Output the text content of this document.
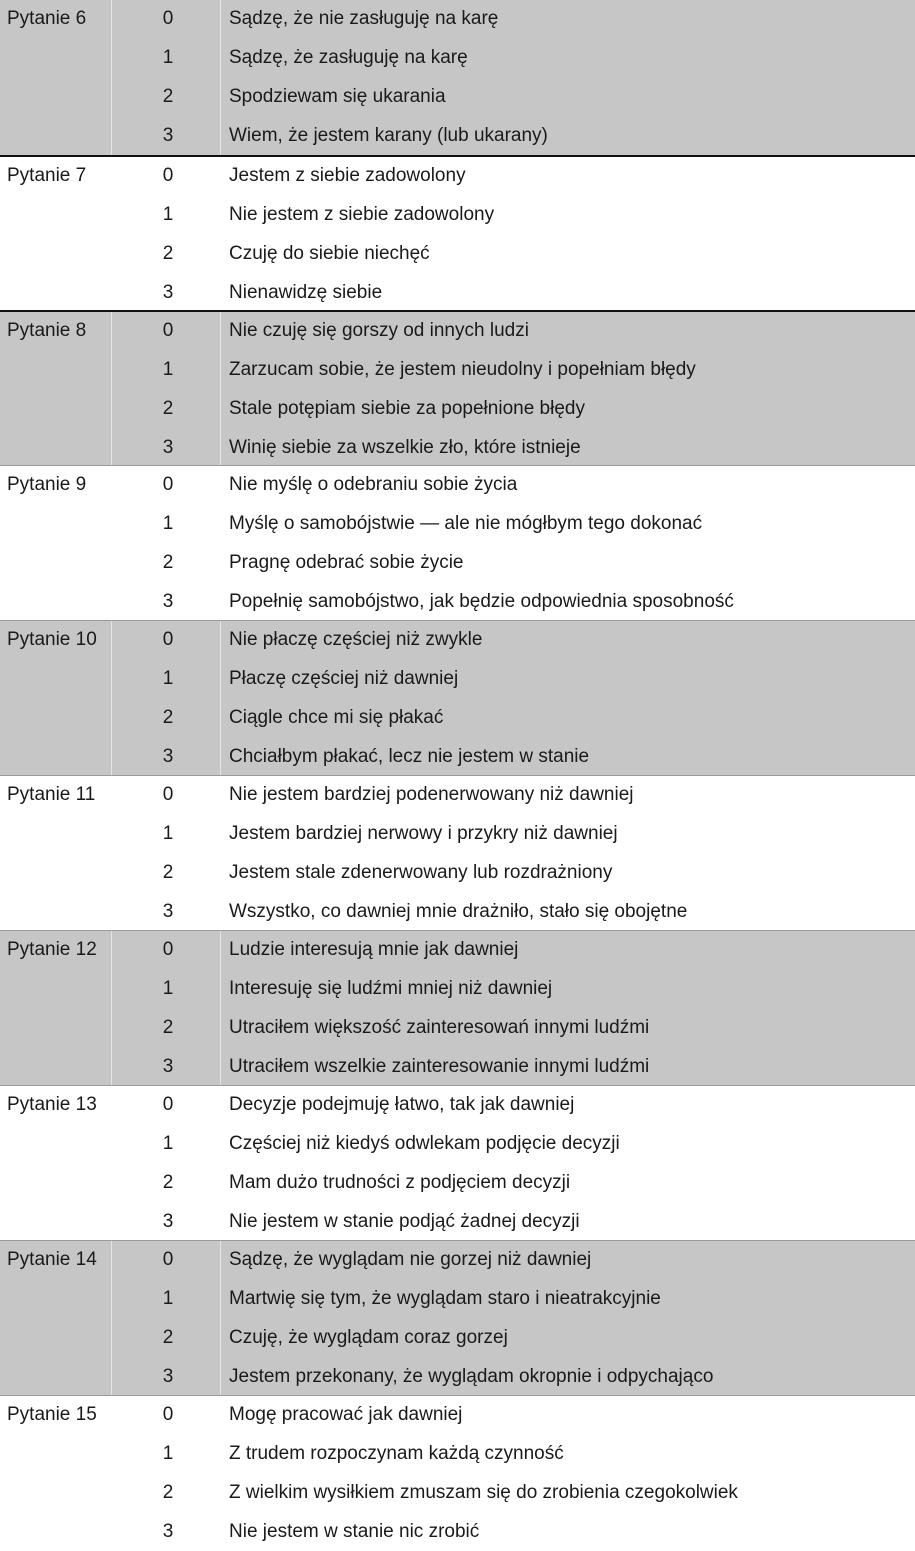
Pytanie 6	0	Sądzę, że nie zasługuję na karę
1	Sądzę, że zasługuję na karę
2	Spodziewam się ukarania
3	Wiem, że jestem karany (lub ukarany)
Pytanie 7	0	Jestem z siebie zadowolony
1	Nie jestem z siebie zadowolony
2	Czuję do siebie niechęć
3	Nienawidzę siebie
Pytanie 8	0	Nie czuję się gorszy od innych ludzi
1	Zarzucam sobie, że jestem nieudolny i popełniam błędy
2	Stale potępiam siebie za popełnione błędy
3	Winię siebie za wszelkie zło, które istnieje
Pytanie 9	0	Nie myślę o odebraniu sobie życia
1	Myślę o samobójstwie — ale nie mógłbym tego dokonać
2	Pragnę odebrać sobie życie
3	Popełnię samobójstwo, jak będzie odpowiednia sposobność
Pytanie 10	0	Nie płaczę częściej niż zwykle
1	Płaczę częściej niż dawniej
2	Ciągle chce mi się płakać
3	Chciałbym płakać, lecz nie jestem w stanie
Pytanie 11	0	Nie jestem bardziej podenerwowany niż dawniej
1	Jestem bardziej nerwowy i przykry niż dawniej
2	Jestem stale zdenerwowany lub rozdrażniony
3	Wszystko, co dawniej mnie drażniło, stało się obojętne
Pytanie 12	0	Ludzie interesują mnie jak dawniej
1	Interesuję się ludźmi mniej niż dawniej
2	Utraciłem większość zainteresowań innymi ludźmi
3	Utraciłem wszelkie zainteresowanie innymi ludźmi
Pytanie 13	0	Decyzje podejmuję łatwo, tak jak dawniej
1	Częściej niż kiedyś odwlekam podjęcie decyzji
2	Mam dużo trudności z podjęciem decyzji
3	Nie jestem w stanie podjąć żadnej decyzji
Pytanie 14	0	Sądzę, że wyglądam nie gorzej niż dawniej
1	Martwię się tym, że wyglądam staro i nieatrakcyjnie
2	Czuję, że wyglądam coraz gorzej
3	Jestem przekonany, że wyglądam okropnie i odpychająco
Pytanie 15	0	Mogę pracować jak dawniej
1	Z trudem rozpoczynam każdą czynność
2	Z wielkim wysiłkiem zmuszam się do zrobienia czegokolwiek
3	Nie jestem w stanie nic zrobić
